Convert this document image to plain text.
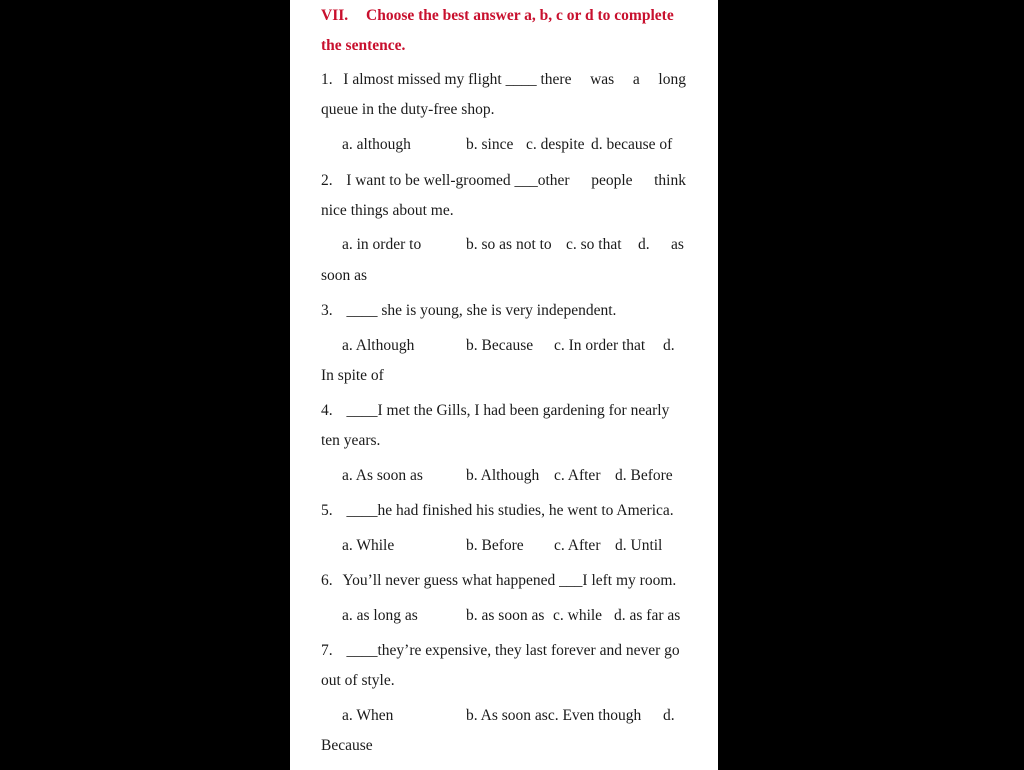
VII. Choose the best answer a, b, c or d to complete
the sentence.
1. I almost missed my flight ____ there was a long
queue in the duty-free shop.
a. although	b. since c. despite d. because of
2. I want to be well-groomed ___other people think
nice things about me.
a. in order to	b. so as not to c. so that d. as
soon as
3. ____ she is young, she is very independent.
a. Although	b. Because c. In order that d.
In spite of
4. ____I met the Gills, I had been gardening for nearly
ten years.
a. As soon as	b. Although c. After d. Before
5. ____he had finished his studies, he went to America.
a. While	b. Before c. After d. Until
6. You’ll never guess what happened ___I left my room.
a. as long as	b. as soon as c. while d. as far as
7. ____they’re expensive, they last forever and never go
out of style.
a. When	b. As soon asc. Even though d.
Because
